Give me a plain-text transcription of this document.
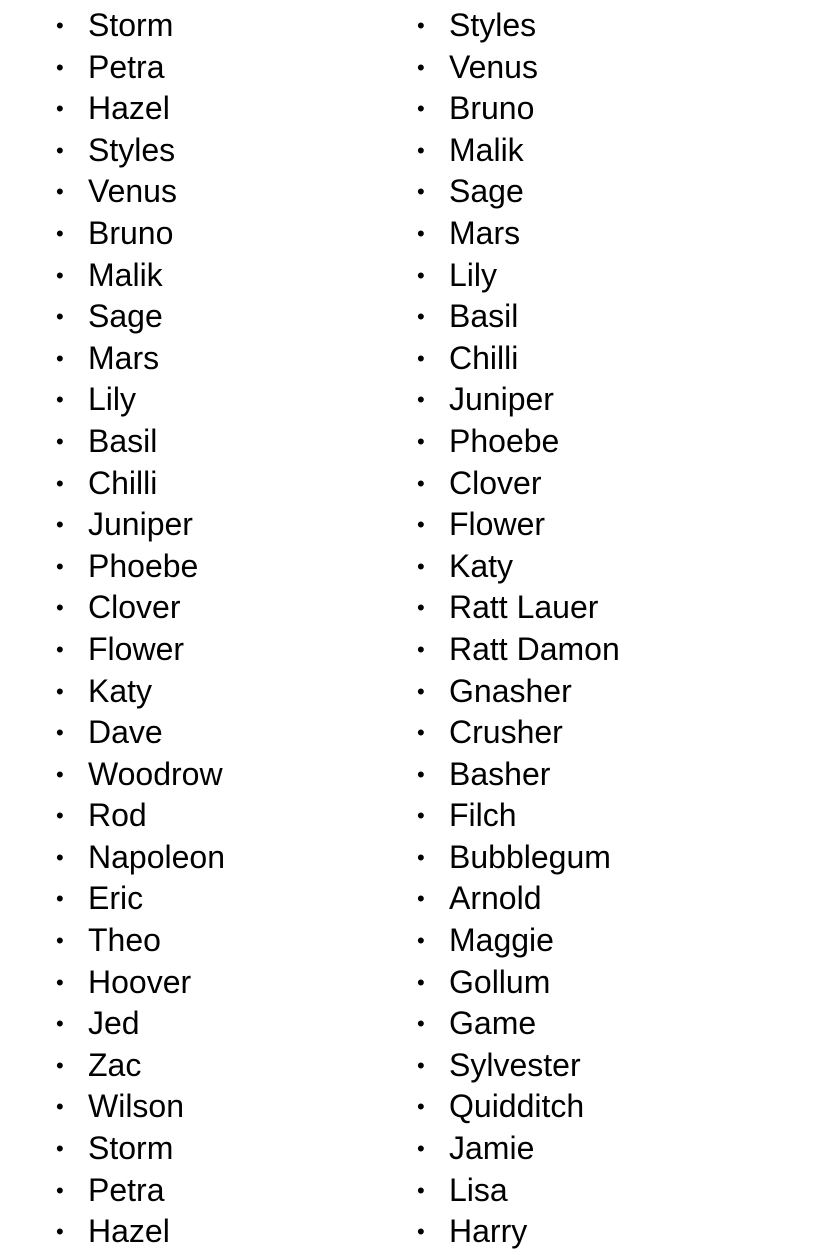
• Storm
• Petra
• Hazel
• Styles
• Venus
• Bruno
• Malik
• Sage
• Mars
• Lily
• Basil
• Chilli
• Juniper
• Phoebe
• Clover
• Flower
• Katy
• Dave
• Woodrow
• Rod
• Napoleon
• Eric
• Theo
• Hoover
• Jed
• Zac
• Wilson
• Storm
• Petra
• Hazel
• Styles
• Venus
• Bruno
• Malik
• Sage
• Mars
• Lily
• Basil
• Chilli
• Juniper
• Phoebe
• Clover
• Flower
• Katy
• Ratt Lauer
• Ratt Damon
• Gnasher
• Crusher
• Basher
• Filch
• Bubblegum
• Arnold
• Maggie
• Gollum
• Game
• Sylvester
• Quidditch
• Jamie
• Lisa
• Harry
